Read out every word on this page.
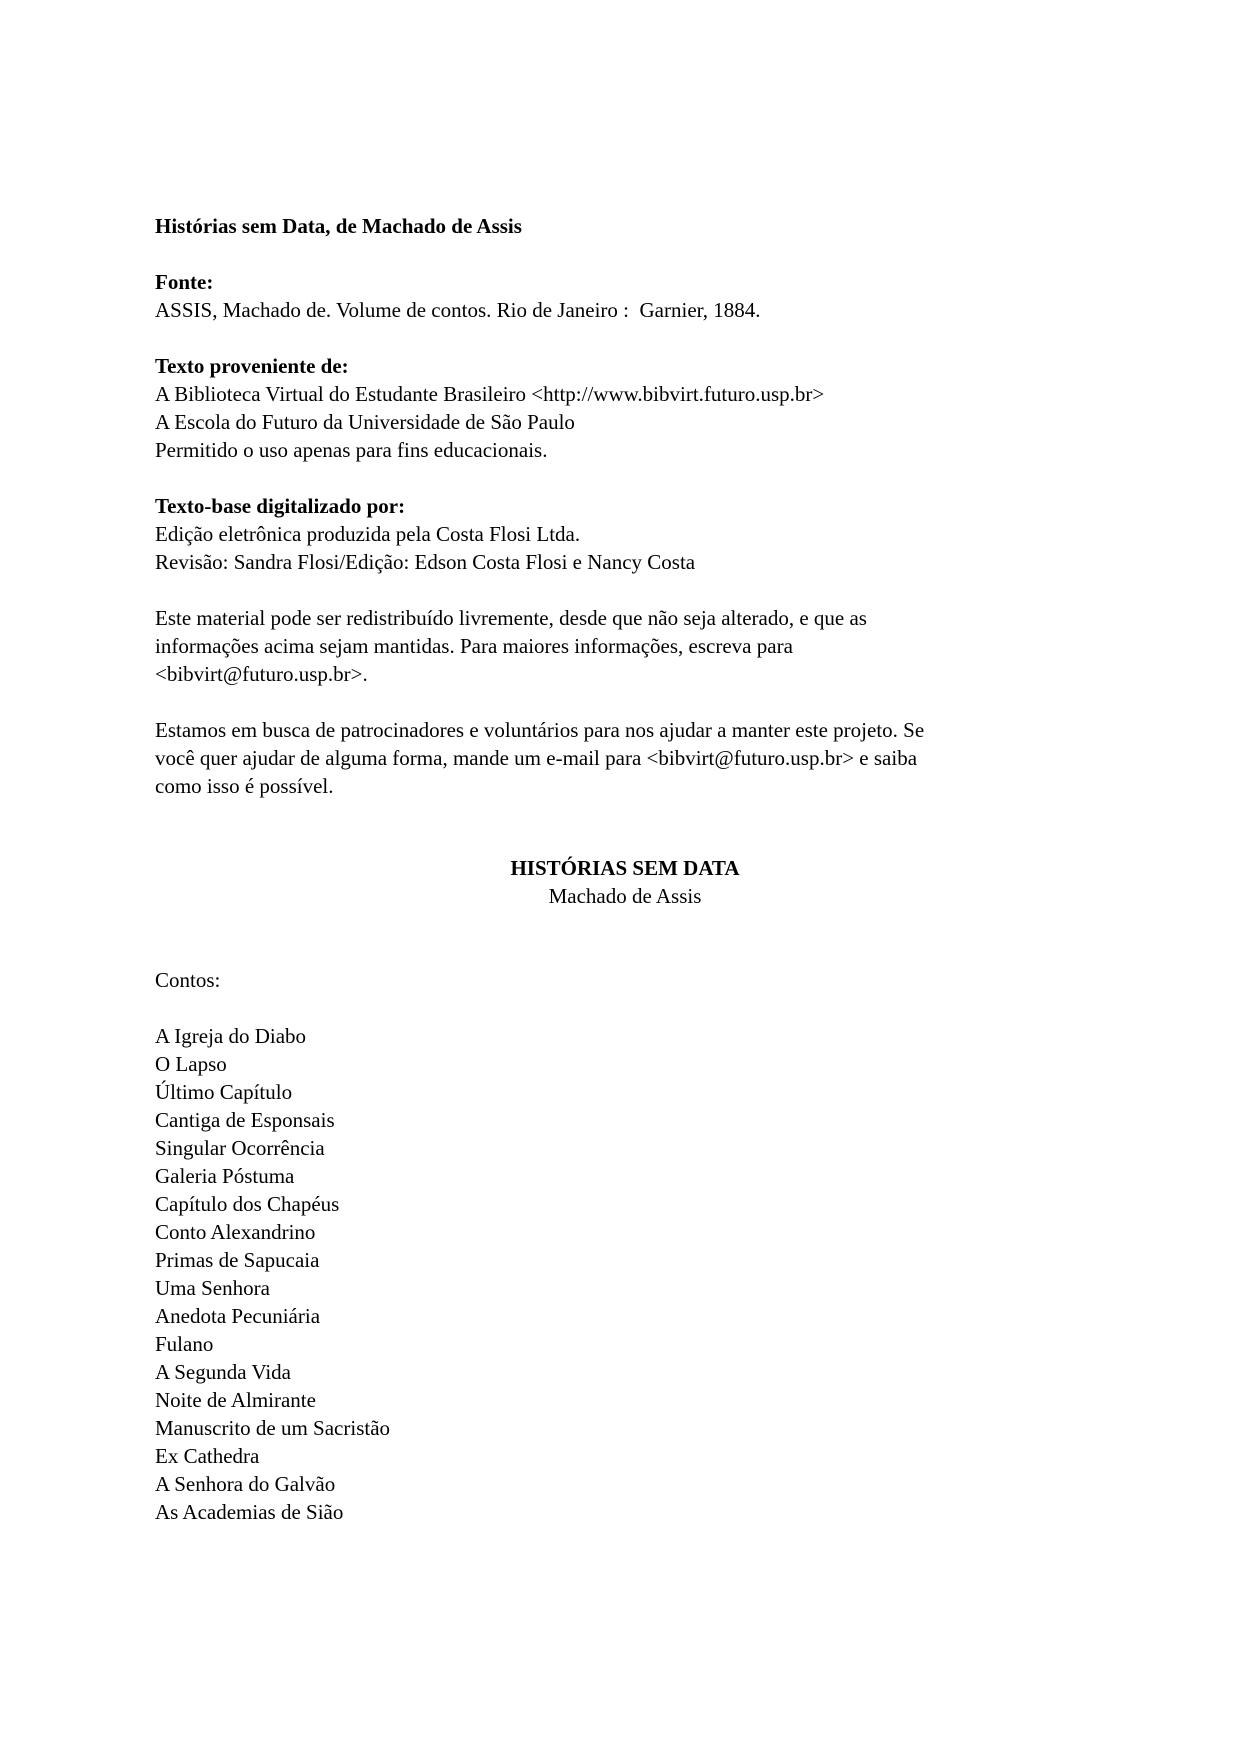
Histórias sem Data, de Machado de Assis
Fonte:
ASSIS, Machado de. Volume de contos. Rio de Janeiro :  Garnier, 1884.
Texto proveniente de:
A Biblioteca Virtual do Estudante Brasileiro <http://www.bibvirt.futuro.usp.br>
A Escola do Futuro da Universidade de São Paulo
Permitido o uso apenas para fins educacionais.
Texto-base digitalizado por:
Edição eletrônica produzida pela Costa Flosi Ltda.
Revisão: Sandra Flosi/Edição: Edson Costa Flosi e Nancy Costa
Este material pode ser redistribuído livremente, desde que não seja alterado, e que as
informações acima sejam mantidas. Para maiores informações, escreva para
<bibvirt@futuro.usp.br>.
Estamos em busca de patrocinadores e voluntários para nos ajudar a manter este projeto. Se
você quer ajudar de alguma forma, mande um e-mail para <bibvirt@futuro.usp.br> e saiba
como isso é possível.
HISTÓRIAS SEM DATA
Machado de Assis
Contos:
A Igreja do Diabo
O Lapso
Último Capítulo
Cantiga de Esponsais
Singular Ocorrência
Galeria Póstuma
Capítulo dos Chapéus
Conto Alexandrino
Primas de Sapucaia
Uma Senhora
Anedota Pecuniária
Fulano
A Segunda Vida
Noite de Almirante
Manuscrito de um Sacristão
Ex Cathedra
A Senhora do Galvão
As Academias de Sião
